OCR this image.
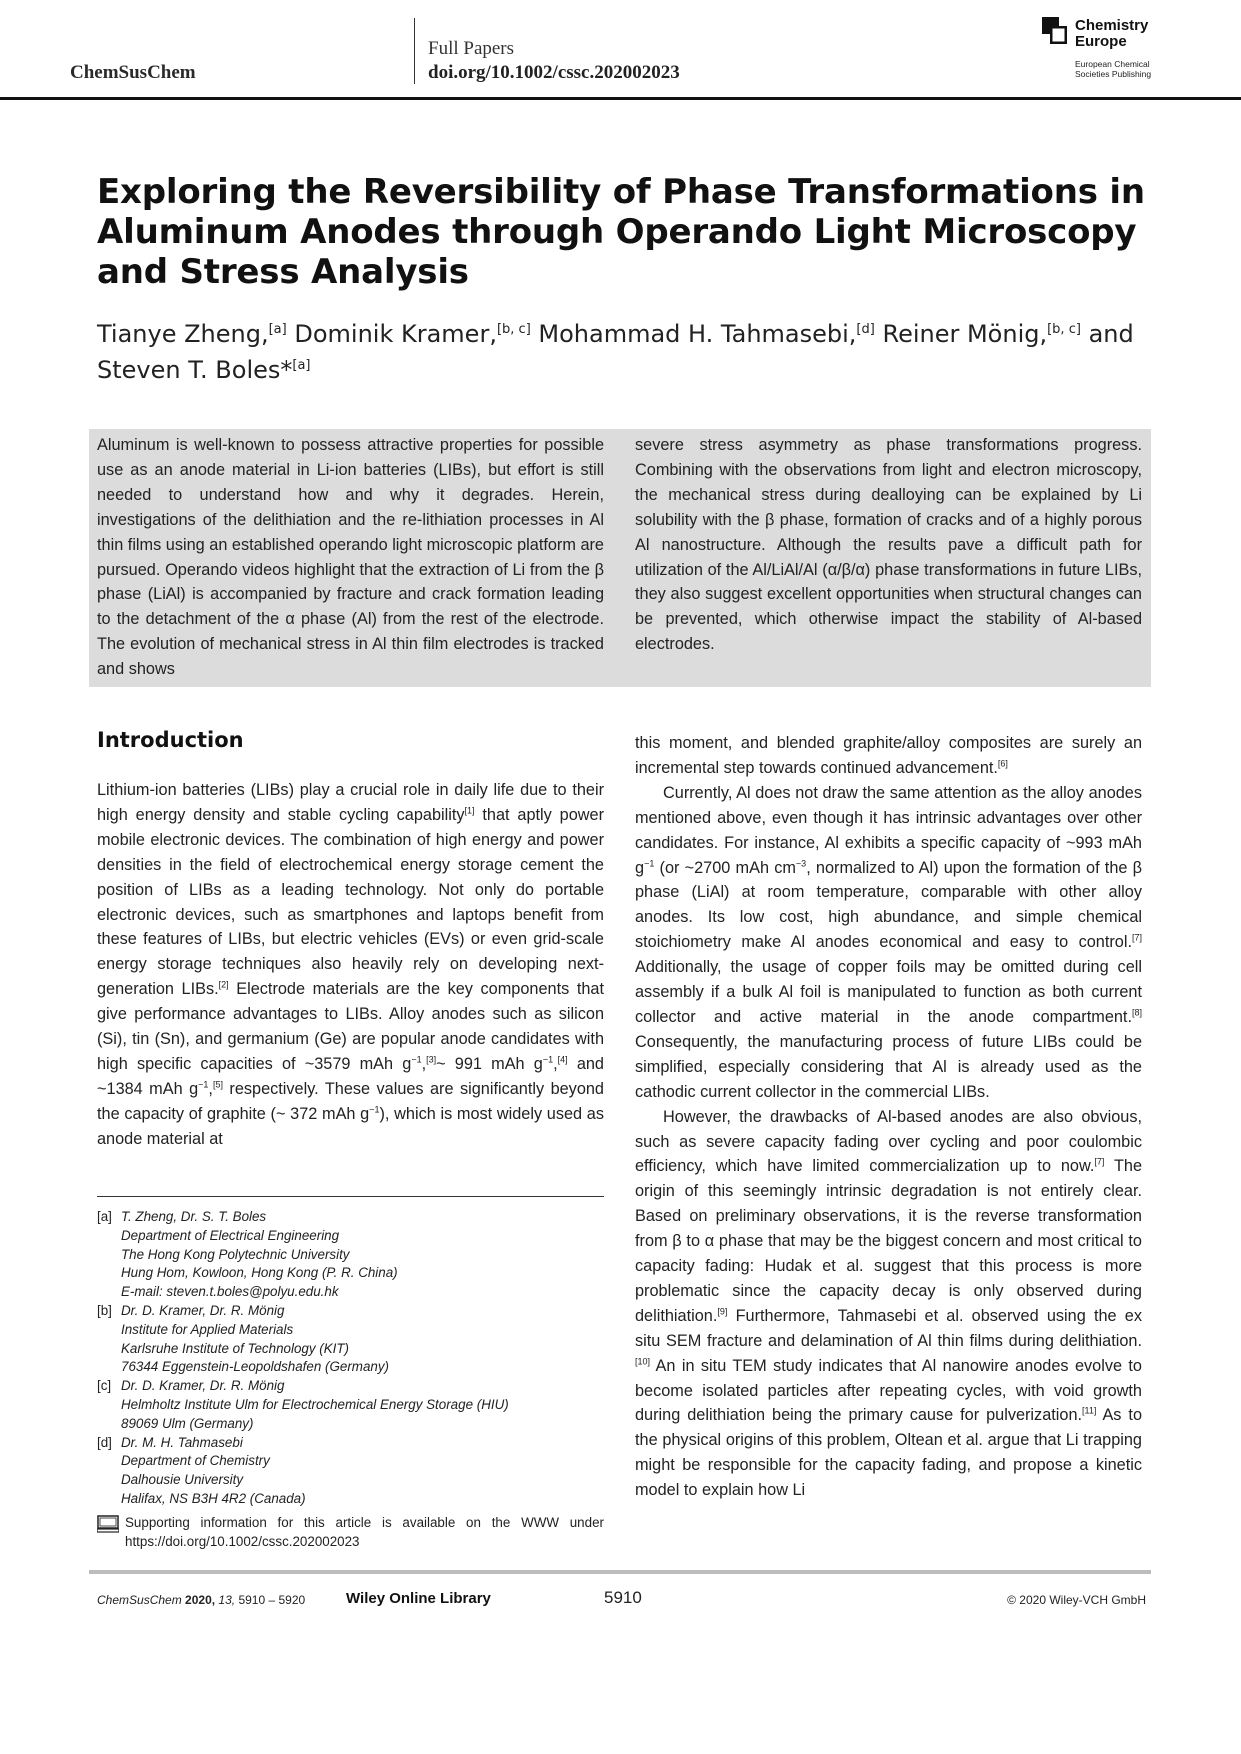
ChemSusChem
Full Papers
doi.org/10.1002/cssc.202002023
Chemistry
Europe
European Chemical
Societies Publishing
Exploring the Reversibility of Phase Transformations in Aluminum Anodes through Operando Light Microscopy and Stress Analysis
Tianye Zheng,[a] Dominik Kramer,[b, c] Mohammad H. Tahmasebi,[d] Reiner Mönig,[b, c] and
Steven T. Boles*[a]
Aluminum is well-known to possess attractive properties for possible use as an anode material in Li-ion batteries (LIBs), but effort is still needed to understand how and why it degrades. Herein, investigations of the delithiation and the re-lithiation processes in Al thin films using an established operando light microscopic platform are pursued. Operando videos highlight that the extraction of Li from the β phase (LiAl) is accompanied by fracture and crack formation leading to the detachment of the α phase (Al) from the rest of the electrode. The evolution of mechanical stress in Al thin film electrodes is tracked and shows
severe stress asymmetry as phase transformations progress. Combining with the observations from light and electron microscopy, the mechanical stress during dealloying can be explained by Li solubility with the β phase, formation of cracks and of a highly porous Al nanostructure. Although the results pave a difficult path for utilization of the Al/LiAl/Al (α/β/α) phase transformations in future LIBs, they also suggest excellent opportunities when structural changes can be prevented, which otherwise impact the stability of Al-based electrodes.
Introduction

Lithium-ion batteries (LIBs) play a crucial role in daily life due to their high energy density and stable cycling capability[1] that aptly power mobile electronic devices. The combination of high energy and power densities in the field of electrochemical energy storage cement the position of LIBs as a leading technology. Not only do portable electronic devices, such as smartphones and laptops benefit from these features of LIBs, but electric vehicles (EVs) or even grid-scale energy storage techniques also heavily rely on developing next-generation LIBs.[2] Electrode materials are the key components that give performance advantages to LIBs. Alloy anodes such as silicon (Si), tin (Sn), and germanium (Ge) are popular anode candidates with high specific capacities of ~3579 mAh g$^{-1}$,[3]~ 991 mAh g$^{-1}$,[4] and ~1384 mAh g$^{-1}$,[5] respectively. These values are significantly beyond the capacity of graphite (~ 372 mAh g$^{-1}$), which is most widely used as anode material at

this moment, and blended graphite/alloy composites are surely an incremental step towards continued advancement.[6]

Currently, Al does not draw the same attention as the alloy anodes mentioned above, even though it has intrinsic advantages over other candidates. For instance, Al exhibits a specific capacity of ~993 mAh g$^{-1}$ (or ~2700 mAh cm$^{-3}$, normalized to Al) upon the formation of the β phase (LiAl) at room temperature, comparable with other alloy anodes. Its low cost, high abundance, and simple chemical stoichiometry make Al anodes economical and easy to control.[7] Additionally, the usage of copper foils may be omitted during cell assembly if a bulk Al foil is manipulated to function as both current collector and active material in the anode compartment.[8] Consequently, the manufacturing process of future LIBs could be simplified, especially considering that Al is already used as the cathodic current collector in the commercial LIBs.

However, the drawbacks of Al-based anodes are also obvious, such as severe capacity fading over cycling and poor coulombic efficiency, which have limited commercialization up to now.[7] The origin of this seemingly intrinsic degradation is not entirely clear. Based on preliminary observations, it is the reverse transformation from β to α phase that may be the biggest concern and most critical to capacity fading: Hudak et al. suggest that this process is more problematic since the capacity decay is only observed during delithiation.[9] Furthermore, Tahmasebi et al. observed using the ex situ SEM fracture and delamination of Al thin films during delithiation.[10] An in situ TEM study indicates that Al nanowire anodes evolve to become isolated particles after repeating cycles, with void growth during delithiation being the primary cause for pulverization.[11] As to the physical origins of this problem, Oltean et al. argue that Li trapping might be responsible for the capacity fading, and propose a kinetic model to explain how Li

[a] T. Zheng, Dr. S. T. Boles
Department of Electrical Engineering
The Hong Kong Polytechnic University
Hung Hom, Kowloon, Hong Kong (P. R. China)
E-mail: steven.t.boles@polyu.edu.hk
[b] Dr. D. Kramer, Dr. R. Mönig
Institute for Applied Materials
Karlsruhe Institute of Technology (KIT)
76344 Eggenstein-Leopoldshafen (Germany)
[c] Dr. D. Kramer, Dr. R. Mönig
Helmholtz Institute Ulm for Electrochemical Energy Storage (HIU)
89069 Ulm (Germany)
[d] Dr. M. H. Tahmasebi
Department of Chemistry
Dalhousie University
Halifax, NS B3H 4R2 (Canada)
Supporting information for this article is available on the WWW under https://doi.org/10.1002/cssc.202002023
ChemSusChem 2020, 13, 5910 – 5920	Wiley Online Library	5910	© 2020 Wiley-VCH GmbH
